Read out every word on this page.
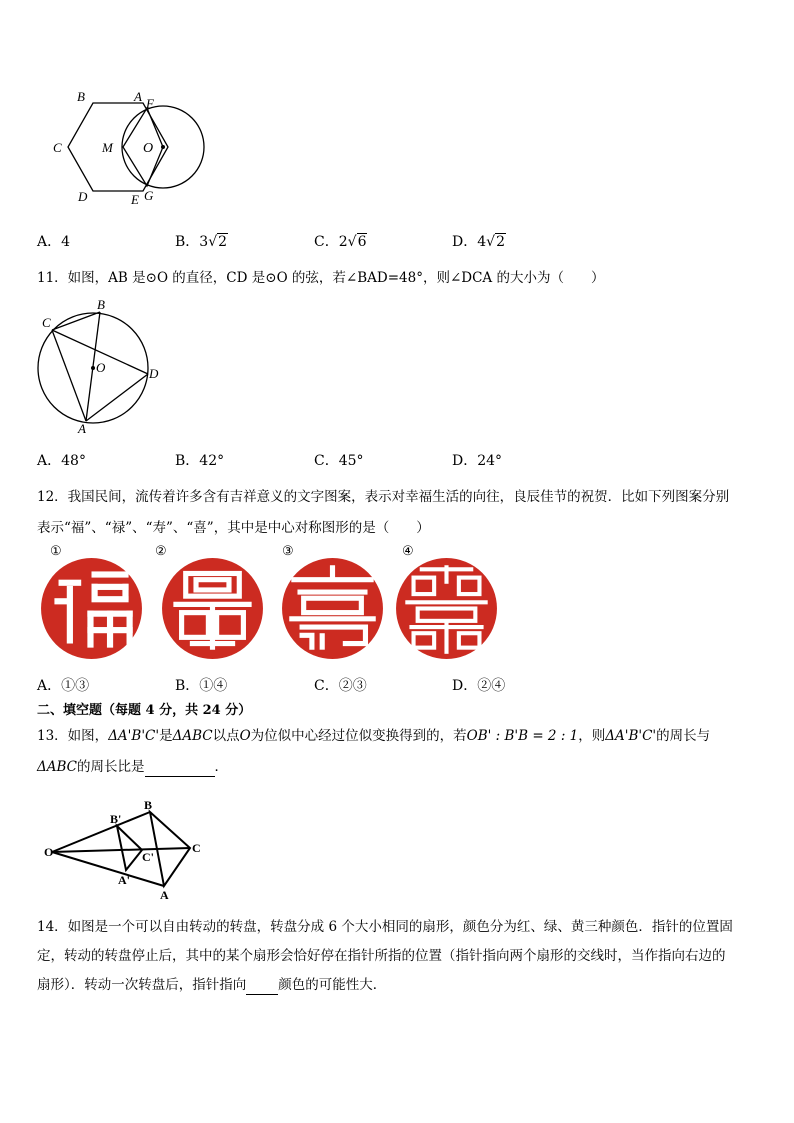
B	A F
C	M O
D	E G
A．4	B．3√2	C．2√6	D．4√2
11．如图，AB 是⊙O 的直径，CD 是⊙O 的弦，若∠BAD=48°，则∠DCA 的大小为（　　）
B
C
O	D
A
A．48°	B．42°	C．45°	D．24°
12．我国民间，流传着许多含有吉祥意义的文字图案，表示对幸福生活的向往，良辰佳节的祝贺．比如下列图案分别
表示“福”、“禄”、“寿”、“喜”，其中是中心对称图形的是（　　）
①	②	③	④
A．①③	B．①④	C．②③	D．②④
二、填空题（每题 4 分，共 24 分）
13．如图，ΔA'B'C'是ΔABC以点O为位似中心经过位似变换得到的，若OB' : B'B = 2 : 1，则ΔA'B'C'的周长与
ΔABC的周长比是	．
O
B'
B
C
C'
A'
A
14．如图是一个可以自由转动的转盘，转盘分成 6 个大小相同的扇形，颜色分为红、绿、黄三种颜色．指针的位置固
定，转动的转盘停止后，其中的某个扇形会恰好停在指针所指的位置（指针指向两个扇形的交线时，当作指向右边的
扇形）．转动一次转盘后，指针指向 颜色的可能性大．
